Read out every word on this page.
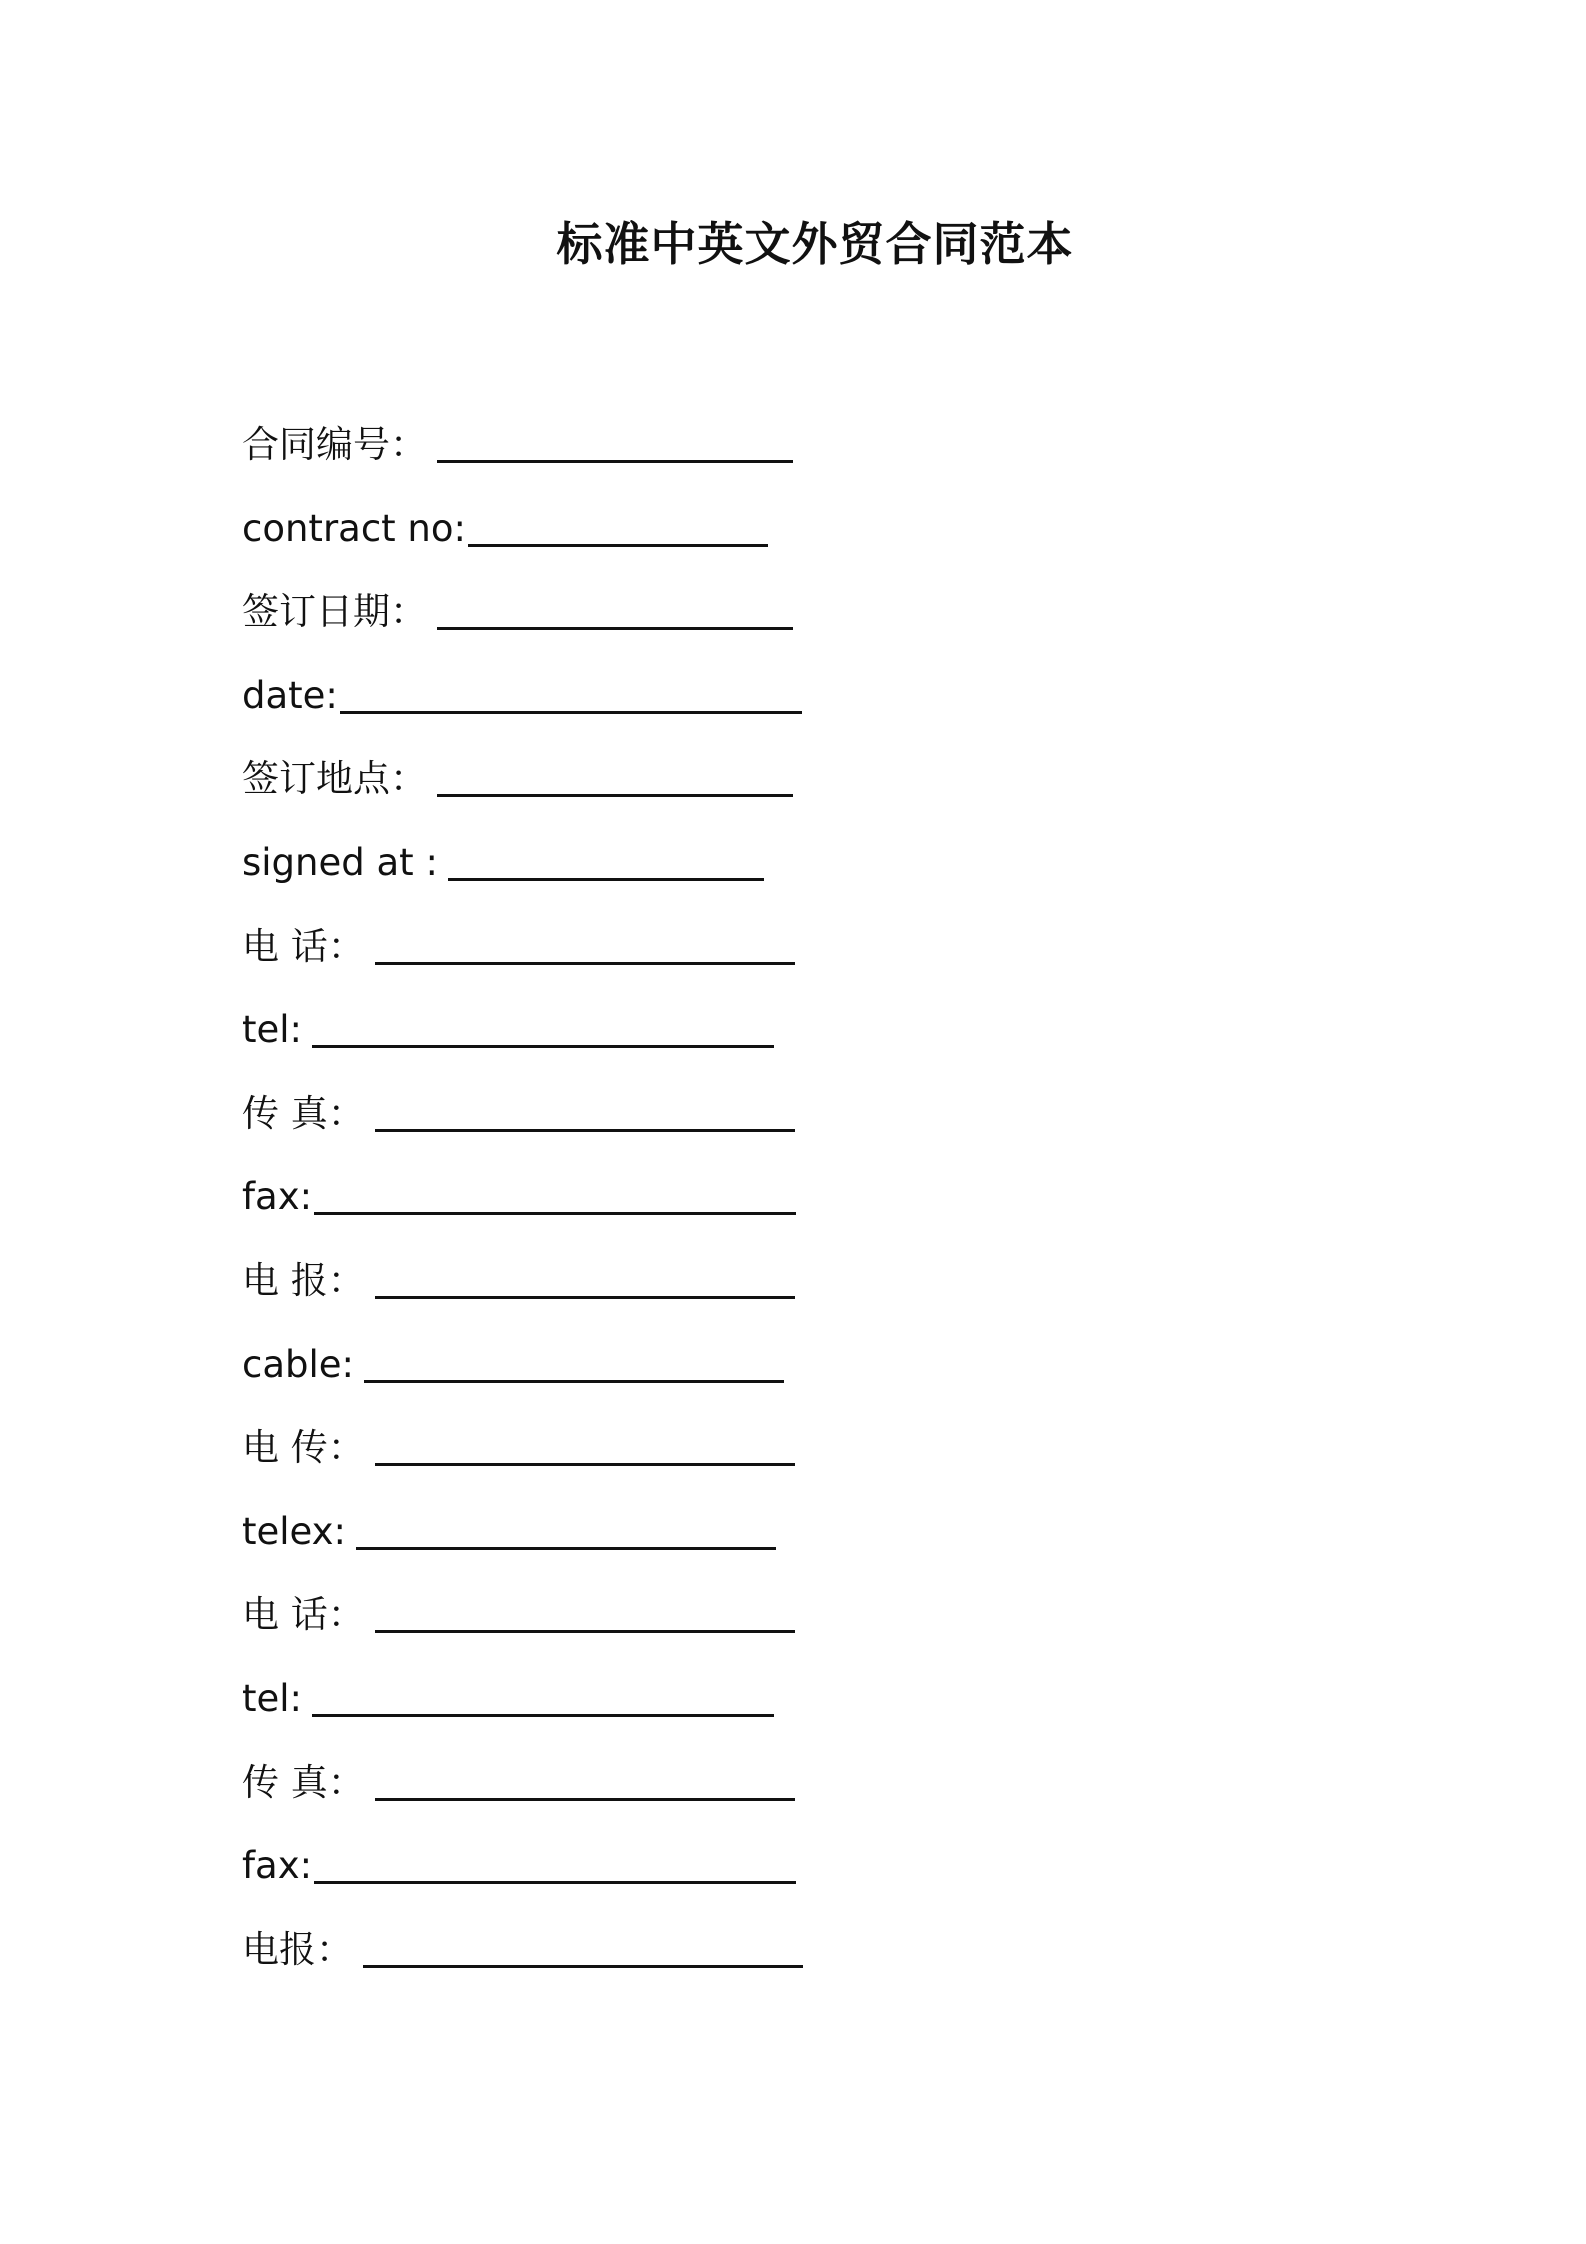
标准中英文外贸合同范本
合同编号：
contract no:
签订日期：
date:
签订地点：
signed at :
电 话：
tel:
传 真：
fax:
电 报：
cable:
电 传：
telex:
电 话：
tel:
传 真：
fax:
电报：
